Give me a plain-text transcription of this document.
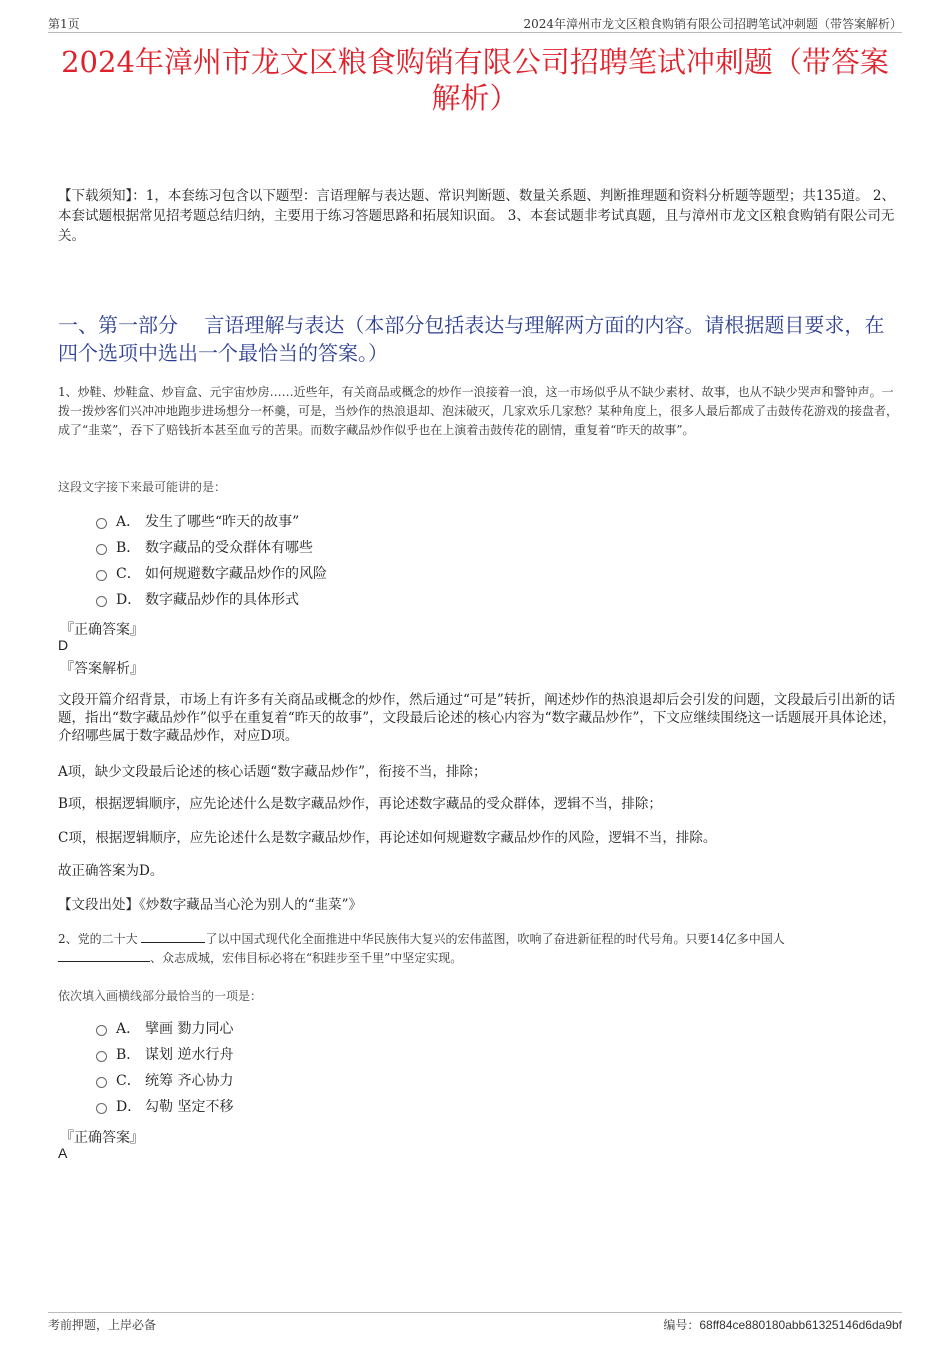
第1页	2024年漳州市龙文区粮食购销有限公司招聘笔试冲刺题（带答案解析）
2024年漳州市龙文区粮食购销有限公司招聘笔试冲刺题（带答案解析）
【下载须知】：1，本套练习包含以下题型：言语理解与表达题、常识判断题、数量关系题、判断推理题和资料分析题等题型；共135道。 2、本套试题根据常见招考题总结归纳，主要用于练习答题思路和拓展知识面。 3、本套试题非考试真题，且与漳州市龙文区粮食购销有限公司无关。
一、第一部分　 言语理解与表达（本部分包括表达与理解两方面的内容。请根据题目要求，在四个选项中选出一个最恰当的答案。）
1、炒鞋、炒鞋盒、炒盲盒、元宇宙炒房……近些年，有关商品或概念的炒作一浪接着一浪，这一市场似乎从不缺少素材、故事，也从不缺少哭声和警钟声。一拨一拨炒客们兴冲冲地跑步进场想分一杯羹，可是，当炒作的热浪退却、泡沫破灭，几家欢乐几家愁？某种角度上，很多人最后都成了击鼓传花游戏的接盘者，成了“韭菜”，吞下了赔钱折本甚至血亏的苦果。而数字藏品炒作似乎也在上演着击鼓传花的剧情，重复着“昨天的故事”。
这段文字接下来最可能讲的是：
A． 发生了哪些“昨天的故事”
B． 数字藏品的受众群体有哪些
C． 如何规避数字藏品炒作的风险
D． 数字藏品炒作的具体形式
『正确答案』
D
『答案解析』
文段开篇介绍背景，市场上有许多有关商品或概念的炒作，然后通过“可是”转折，阐述炒作的热浪退却后会引发的问题，文段最后引出新的话题，指出“数字藏品炒作”似乎在重复着“昨天的故事”，文段最后论述的核心内容为“数字藏品炒作”，下文应继续围绕这一话题展开具体论述，介绍哪些属于数字藏品炒作，对应D项。
A项，缺少文段最后论述的核心话题“数字藏品炒作”，衔接不当，排除；
B项，根据逻辑顺序，应先论述什么是数字藏品炒作，再论述数字藏品的受众群体，逻辑不当，排除；
C项，根据逻辑顺序，应先论述什么是数字藏品炒作，再论述如何规避数字藏品炒作的风险，逻辑不当，排除。
故正确答案为D。
【文段出处】《炒数字藏品当心沦为别人的“韭菜”》
2、党的二十大	了以中国式现代化全面推进中华民族伟大复兴的宏伟蓝图，吹响了奋进新征程的时代号角。只要14亿多中国人
、众志成城，宏伟目标必将在“积跬步至千里”中坚定实现。
依次填入画横线部分最恰当的一项是：
A． 擘画 勠力同心
B． 谋划 逆水行舟
C． 统筹 齐心协力
D． 勾勒 坚定不移
『正确答案』
A
考前押题，上岸必备	编号：68ff84ce880180abb61325146d6da9bf
